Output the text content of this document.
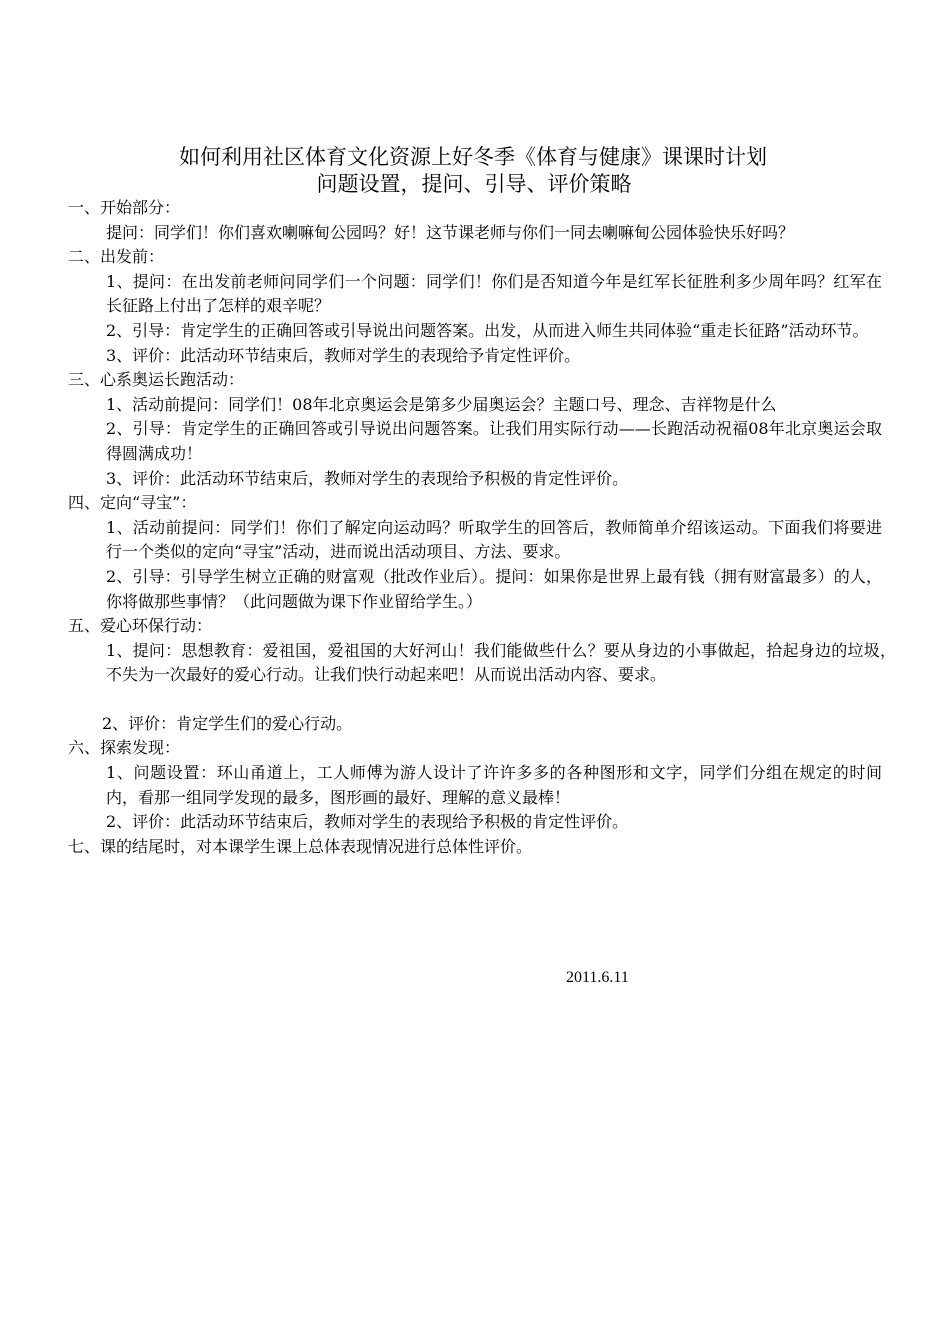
如何利用社区体育文化资源上好冬季《体育与健康》课课时计划
问题设置，提问、引导、评价策略
一、开始部分：
提问：同学们！你们喜欢喇嘛甸公园吗？好！这节课老师与你们一同去喇嘛甸公园体验快乐好吗？
二、出发前：
1、提问：在出发前老师问同学们一个问题：同学们！你们是否知道今年是红军长征胜利多少周年吗？红军在长征路上付出了怎样的艰辛呢？
2、引导：肯定学生的正确回答或引导说出问题答案。出发，从而进入师生共同体验“重走长征路”活动环节。
3、评价：此活动环节结束后，教师对学生的表现给予肯定性评价。
三、心系奥运长跑活动：
1、活动前提问：同学们！08年北京奥运会是第多少届奥运会？主题口号、理念、吉祥物是什么
2、引导：肯定学生的正确回答或引导说出问题答案。让我们用实际行动——长跑活动祝福08年北京奥运会取得圆满成功！
3、评价：此活动环节结束后，教师对学生的表现给予积极的肯定性评价。
四、定向“寻宝”：
1、活动前提问：同学们！你们了解定向运动吗？听取学生的回答后，教师简单介绍该运动。下面我们将要进行一个类似的定向“寻宝”活动，进而说出活动项目、方法、要求。
2、引导：引导学生树立正确的财富观（批改作业后）。提问：如果你是世界上最有钱（拥有财富最多）的人，你将做那些事情？（此问题做为课下作业留给学生。）
五、爱心环保行动：
1、提问：思想教育：爱祖国，爱祖国的大好河山！我们能做些什么？要从身边的小事做起，拾起身边的垃圾，不失为一次最好的爱心行动。让我们快行动起来吧！从而说出活动内容、要求。
2、评价：肯定学生们的爱心行动。
六、探索发现：
1、问题设置：环山甬道上，工人师傅为游人设计了许许多多的各种图形和文字，同学们分组在规定的时间内，看那一组同学发现的最多，图形画的最好、理解的意义最棒！
2、评价：此活动环节结束后，教师对学生的表现给予积极的肯定性评价。
七、课的结尾时，对本课学生课上总体表现情况进行总体性评价。
2011.6.11
